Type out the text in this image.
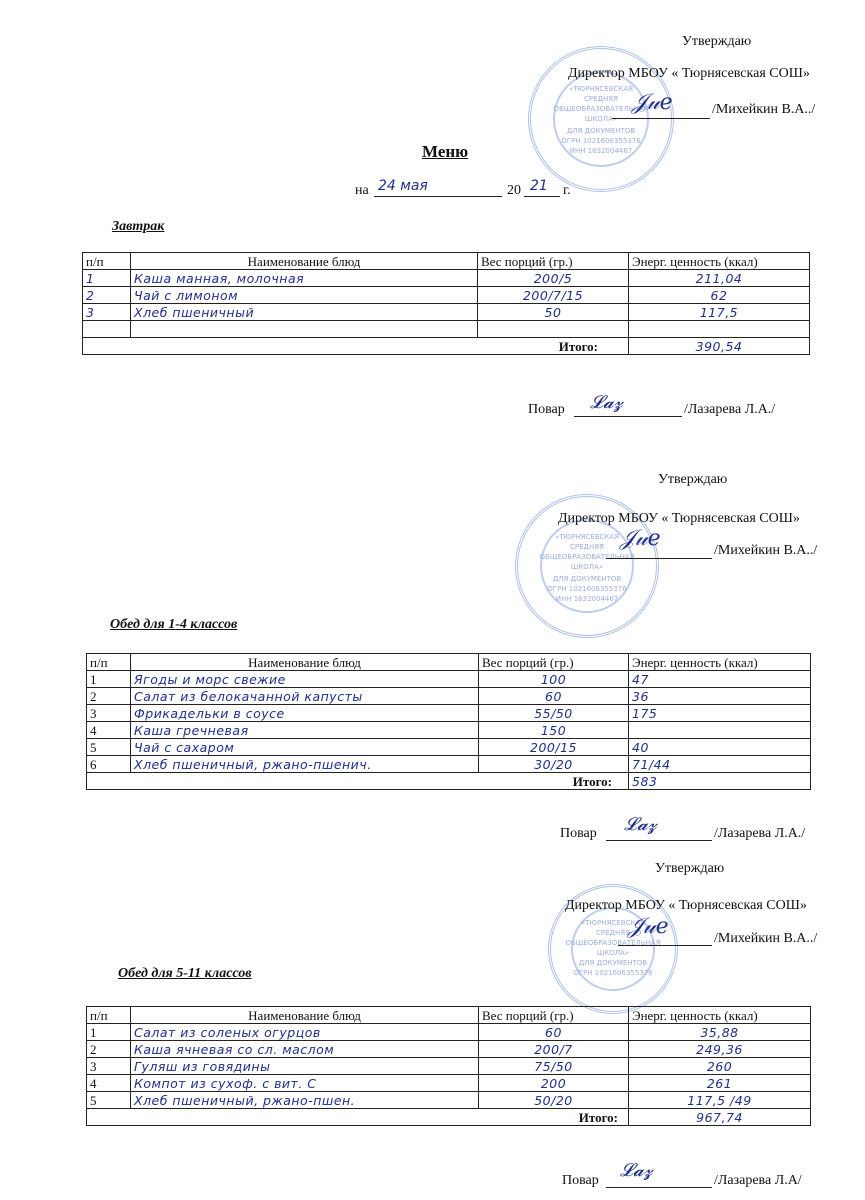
Утверждаю
«ТЮРНЯСЕВСКАЯ
СРЕДНЯЯ
ОБЩЕОБРАЗОВАТЕЛЬНАЯ
ШКОЛА»
ДЛЯ ДОКУМЕНТОВ
ОГРН 1021606355376
ИНН 1632004467
Директор МБОУ « Тюрнясевская СОШ»
𝒥𝓊ℯ	/Михейкин В.А../
Меню
на 24 мая	20 21 г.
Завтрак
п/п	Наименование блюд	Вес порций (гр.)	Энерг. ценность (ккал)
1	Каша манная, молочная	200/5	211,04
2	Чай с лимоном	200/7/15	62
3	Хлеб пшеничный	50	117,5

Итого:			390,54
Повар 𝓛𝓪𝔃	/Лазарева Л.А./
Утверждаю
«ТЮРНЯСЕВСКАЯ
СРЕДНЯЯ
ОБЩЕОБРАЗОВАТЕЛЬНАЯ
ШКОЛА»
ДЛЯ ДОКУМЕНТОВ
ОГРН 1021606355376
ИНН 1632004467
Директор МБОУ « Тюрнясевская СОШ»
𝒥𝓊ℯ	/Михейкин В.А../
Обед для 1-4 классов
п/п	Наименование блюд	Вес порций (гр.)	Энерг. ценность (ккал)
1	Ягоды и морс свежие	100	47
2	Салат из белокачанной капусты	60	36
3	Фрикадельки в соусе	55/50	175
4	Каша гречневая	150	
5	Чай с сахаром	200/15	40
6	Хлеб пшеничный, ржано-пшенич.	30/20	71/44
Итого:			583
Повар 𝓛𝓪𝔃	/Лазарева Л.А./
Утверждаю
«ТЮРНЯСЕВСКАЯ
СРЕДНЯЯ
ОБЩЕОБРАЗОВАТЕЛЬНАЯ
ШКОЛА»
ДЛЯ ДОКУМЕНТОВ
ОГРН 1021606355376
Директор МБОУ « Тюрнясевская СОШ»
𝒥𝓊ℯ	/Михейкин В.А../
Обед для 5-11 классов
п/п	Наименование блюд	Вес порций (гр.)	Энерг. ценность (ккал)
1	Салат из соленых огурцов	60	35,88
2	Каша ячневая со сл. маслом	200/7	249,36
3	Гуляш из говядины	75/50	260
4	Компот из сухоф. с вит. С	200	261
5	Хлеб пшеничный, ржано-пшен.	50/20	117,5 /49
Итого:			967,74
Повар 𝓛𝓪𝔃	/Лазарева Л.А/
